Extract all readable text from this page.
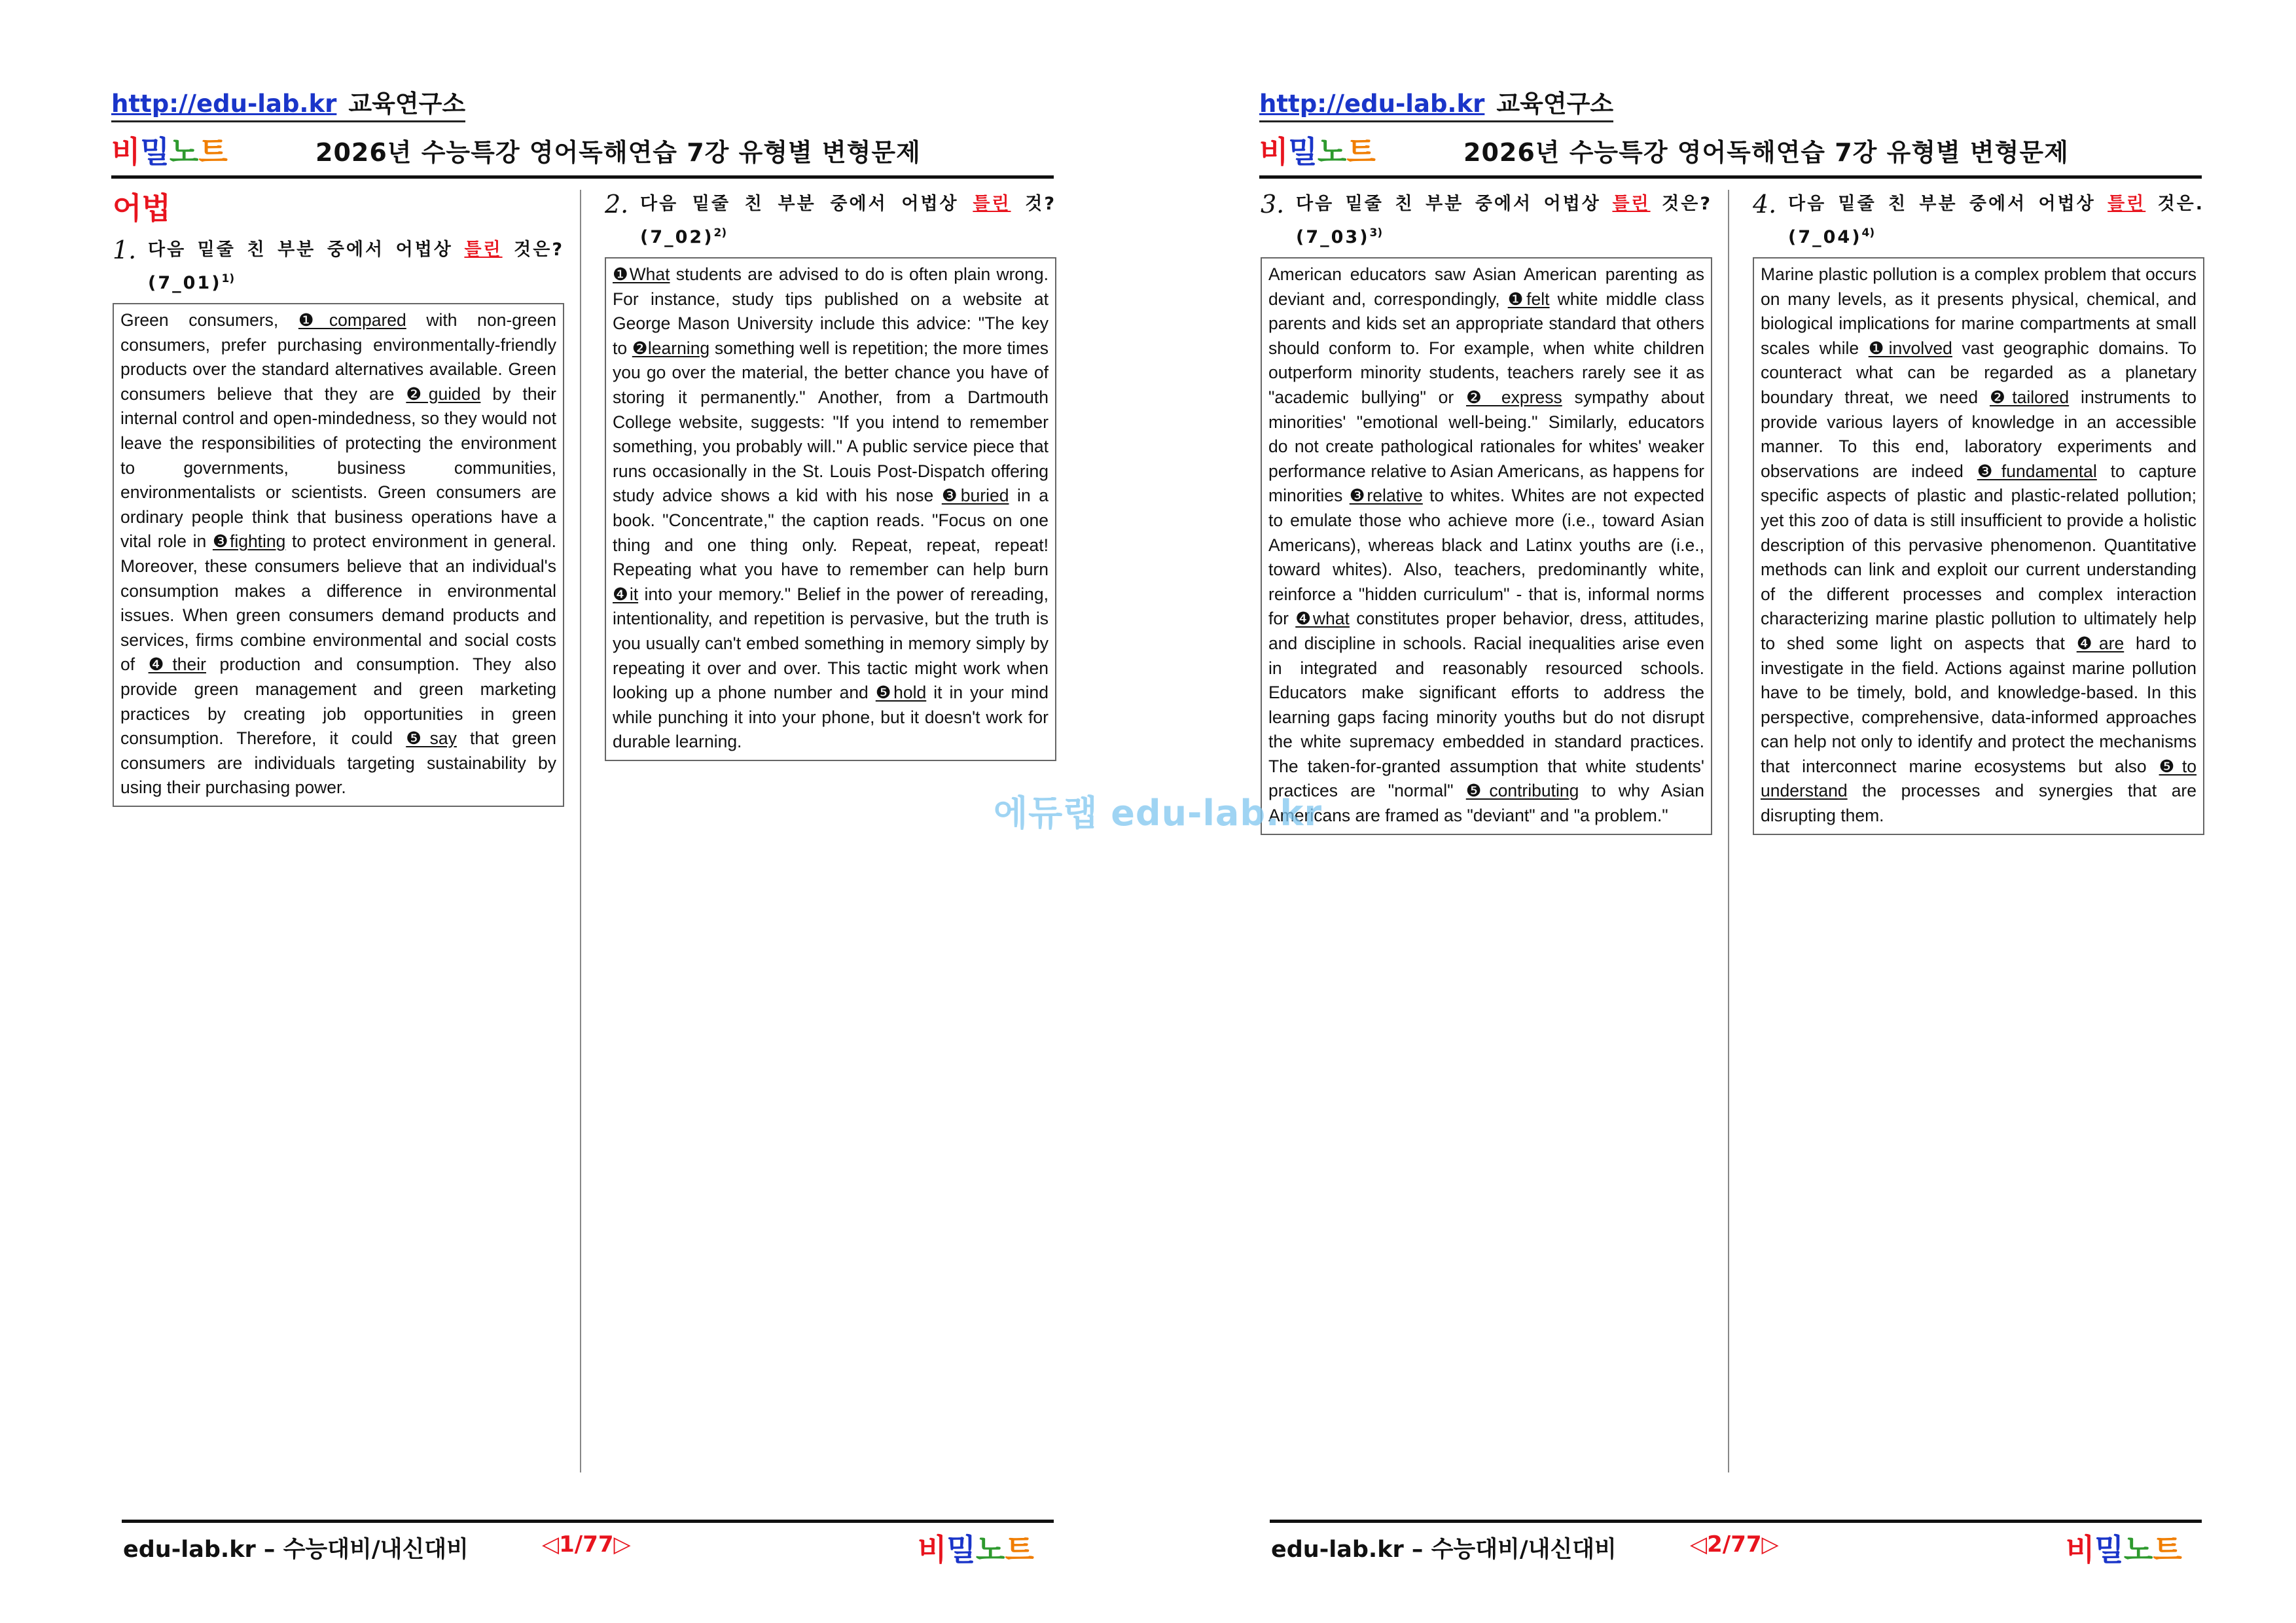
http://edu-lab.kr 교육연구소
비밀노트	2026년 수능특강 영어독해연습 7강 유형별 변형문제
어법
1. 다음 밑줄 친 부분 중에서 어법상 틀린 것은?(7_01)$^{1)}$
Green consumers, ❶compared with non-green consumers, prefer purchasing environmentally-friendly products over the standard alternatives available. Green consumers believe that they are ❷guided by their internal control and open-mindedness, so they would not leave the responsibilities of protecting the environment to governments, business communities, environmentalists or scientists. Green consumers are ordinary people think that business operations have a vital role in ❸fighting to protect environment in general. Moreover, these consumers believe that an individual's consumption makes a difference in environmental issues. When green consumers demand products and services, firms combine environmental and social costs of ❹their production and consumption. They also provide green management and green marketing practices by creating job opportunities in green consumption. Therefore, it could ❺say that green consumers are individuals targeting sustainability by using their purchasing power.
2. 다음 밑줄 친 부분 중에서 어법상 틀린 것?(7_02)$^{2)}$
❶What students are advised to do is often plain wrong. For instance, study tips published on a website at George Mason University include this advice: "The key to ❷learning something well is repetition; the more times you go over the material, the better chance you have of storing it permanently." Another, from a Dartmouth College website, suggests: "If you intend to remember something, you probably will." A public service piece that runs occasionally in the St. Louis Post-Dispatch offering study advice shows a kid with his nose ❸buried in a book. "Concentrate," the caption reads. "Focus on one thing and one thing only. Repeat, repeat, repeat! Repeating what you have to remember can help burn ❹it into your memory." Belief in the power of rereading, intentionality, and repetition is pervasive, but the truth is you usually can't embed something in memory simply by repeating it over and over. This tactic might work when looking up a phone number and ❺hold it in your mind while punching it into your phone, but it doesn't work for durable learning.
edu-lab.kr – 수능대비/내신대비	◁1/77▷	비밀노트
http://edu-lab.kr 교육연구소
비밀노트	2026년 수능특강 영어독해연습 7강 유형별 변형문제
3. 다음 밑줄 친 부분 중에서 어법상 틀린 것은?(7_03)$^{3)}$
American educators saw Asian American parenting as deviant and, correspondingly, ❶felt white middle class parents and kids set an appropriate standard that others should conform to. For example, when white children outperform minority students, teachers rarely see it as "academic bullying" or ❷ express sympathy about minorities' "emotional well-being." Similarly, educators do not create pathological rationales for whites' weaker performance relative to Asian Americans, as happens for minorities ❸relative to whites. Whites are not expected to emulate those who achieve more (i.e., toward Asian Americans), whereas black and Latinx youths are (i.e., toward whites). Also, teachers, predominantly white, reinforce a "hidden curriculum" - that is, informal norms for ❹what constitutes proper behavior, dress, attitudes, and discipline in schools. Racial inequalities arise even in integrated and reasonably resourced schools. Educators make significant efforts to address the learning gaps facing minority youths but do not disrupt the white supremacy embedded in standard practices. The taken-for-granted assumption that white students' practices are "normal" ❺contributing to why Asian Americans are framed as "deviant" and "a problem."
4. 다음 밑줄 친 부분 중에서 어법상 틀린 것은.(7_04)$^{4)}$
Marine plastic pollution is a complex problem that occurs on many levels, as it presents physical, chemical, and biological implications for marine compartments at small scales while ❶involved vast geographic domains. To counteract what can be regarded as a planetary boundary threat, we need ❷tailored instruments to provide various layers of knowledge in an accessible manner. To this end, laboratory experiments and observations are indeed ❸fundamental to capture specific aspects of plastic and plastic-related pollution; yet this zoo of data is still insufficient to provide a holistic description of this pervasive phenomenon. Quantitative methods can link and exploit our current understanding of the different processes and complex interaction characterizing marine plastic pollution to ultimately help to shed some light on aspects that ❹are hard to investigate in the field. Actions against marine pollution have to be timely, bold, and knowledge-based. In this perspective, comprehensive, data-informed approaches can help not only to identify and protect the mechanisms that interconnect marine ecosystems but also ❺to understand the processes and synergies that are disrupting them.
edu-lab.kr – 수능대비/내신대비	◁2/77▷	비밀노트
에듀랩 edu-lab.kr
